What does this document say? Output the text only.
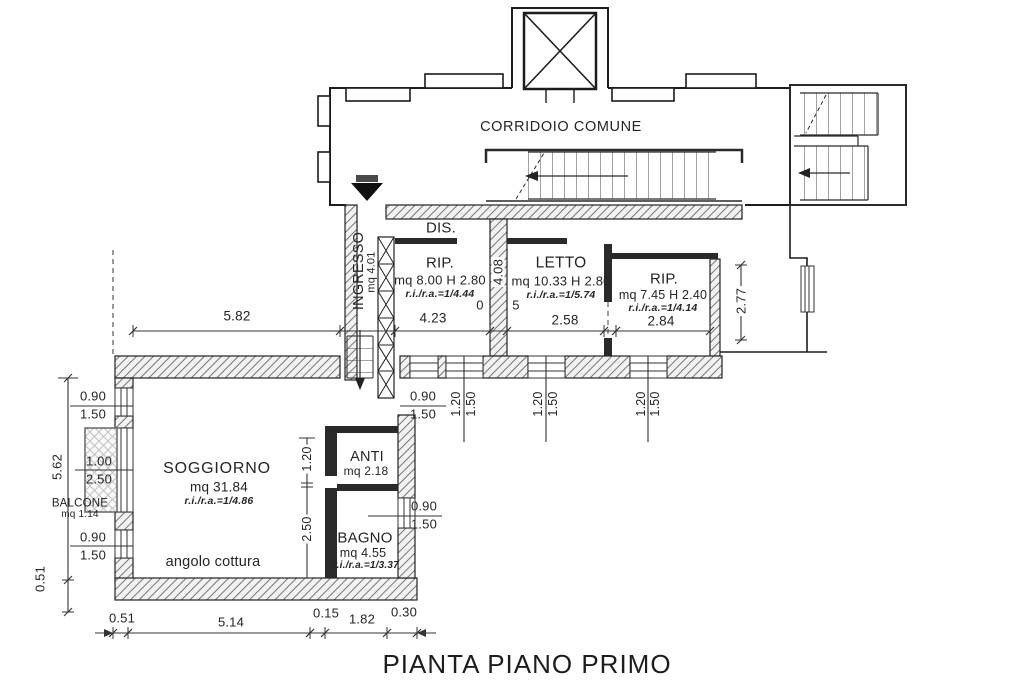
CORRIDOIO COMUNE
DIS.
INGRESSO
mq 4.01	RIP.
mq 8.00 H 2.80
r.i./r.a.=1/4.44
4.23
LETTO
mq 10.33 H 2.80
r.i./r.a.=1/5.74
2.58
RIP.
mq 7.45 H 2.40
r.i./r.a.=1/4.14
2.84
4.08
0 5	2.77
5.82
0.90
1.50
1.00
2.50
BALCONE
mq 1.14
0.90
1.50
0.90
1.50
0.90
1.50
1.20 1.50	1.20 1.50	1.20 1.50
1.20
2.50
5.62
0.51
SOGGIORNO
mq 31.84
r.i./r.a.=1/4.86
angolo cottura
ANTI
mq 2.18
BAGNO
mq 4.55
r.i./r.a.=1/3.37
0.51	5.14
0.15 1.82 0.30
PIANTA PIANO PRIMO
